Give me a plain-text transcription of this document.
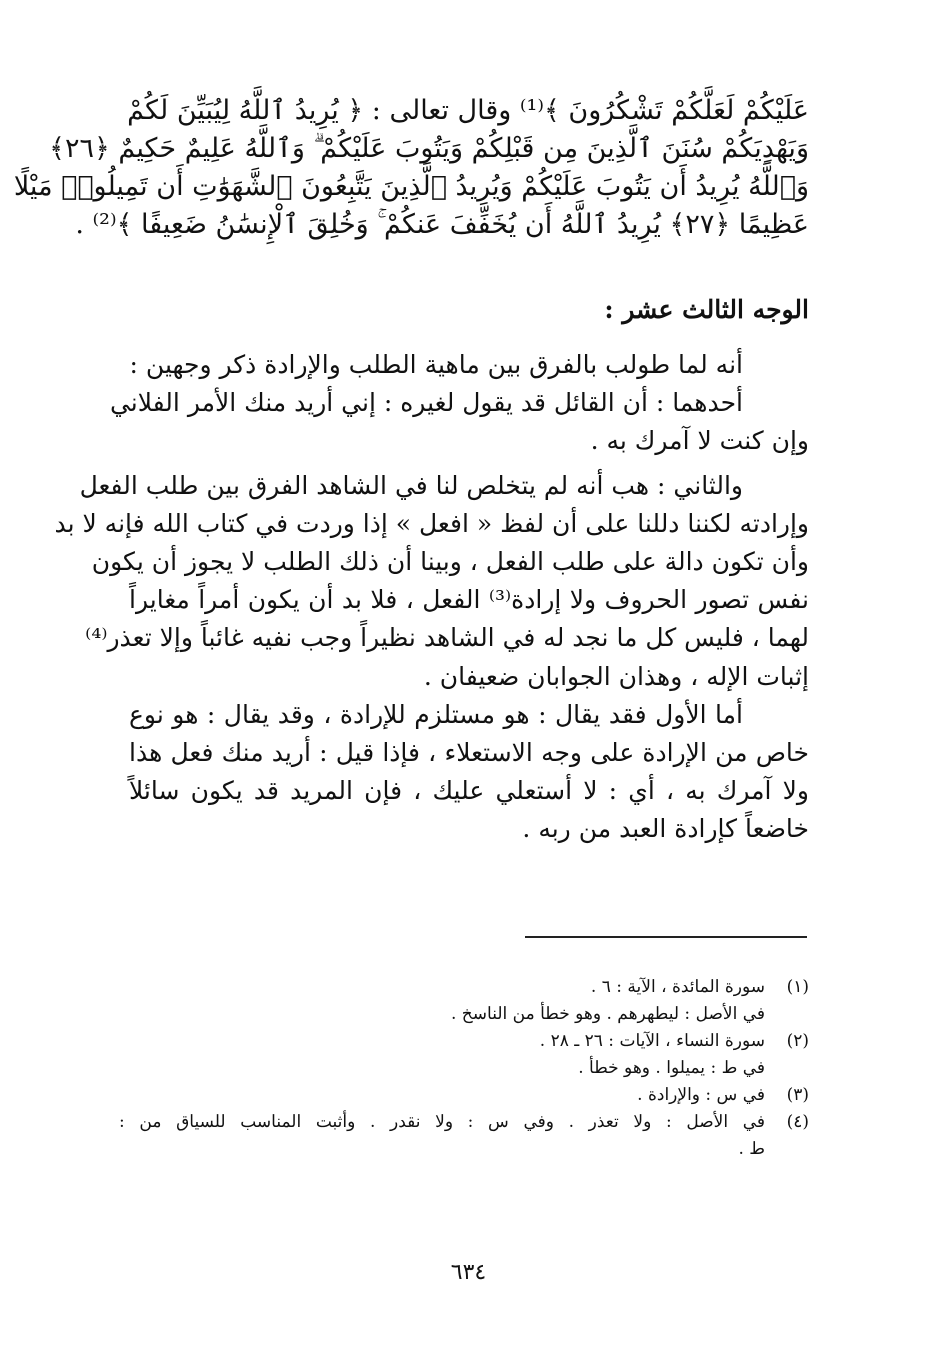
عَلَيْكُمْ لَعَلَّكُمْ تَشْكُرُونَ ﴾⁽¹⁾ وقال تعالى : ﴿ يُرِيدُ ٱللَّهُ لِيُبَيِّنَ لَكُمْ
وَيَهْدِيَكُمْ سُنَنَ ٱلَّذِينَ مِن قَبْلِكُمْ وَيَتُوبَ عَلَيْكُمْ ۗ وَٱللَّهُ عَلِيمٌ حَكِيمٌ ﴿٢٦﴾
وَٱللَّهُ يُرِيدُ أَن يَتُوبَ عَلَيْكُمْ وَيُرِيدُ ٱلَّذِينَ يَتَّبِعُونَ ٱلشَّهَوَٰتِ أَن تَمِيلُوا۟ مَيْلًا
عَظِيمًا ﴿٢٧﴾ يُرِيدُ ٱللَّهُ أَن يُخَفِّفَ عَنكُمْ ۚ وَخُلِقَ ٱلْإِنسَٰنُ ضَعِيفًا ﴾⁽²⁾ .
الوجه الثالث عشر :
أنه لما طولب بالفرق بين ماهية الطلب والإرادة ذكر وجهين :
أحدهما : أن القائل قد يقول لغيره : إني أريد منك الأمر الفلاني
وإن كنت لا آمرك به .
والثاني : هب أنه لم يتخلص لنا في الشاهد الفرق بين طلب الفعل
وإرادته لكننا دللنا على أن لفظ « افعل » إذا وردت في كتاب الله فإنه لا بد
وأن تكون دالة على طلب الفعل ، وبينا أن ذلك الطلب لا يجوز أن يكون
نفس تصور الحروف ولا إرادة⁽³⁾ الفعل ، فلا بد أن يكون أمراً مغايراً
لهما ، فليس كل ما نجد له في الشاهد نظيراً وجب نفيه غائباً وإلا تعذر⁽⁴⁾
إثبات الإله ، وهذان الجوابان ضعيفان .
أما الأول فقد يقال : هو مستلزم للإرادة ، وقد يقال : هو نوع
خاص من الإرادة على وجه الاستعلاء ، فإذا قيل : أريد منك فعل هذا
ولا آمرك به ، أي : لا أستعلي عليك ، فإن المريد قد يكون سائلاً
خاضعاً كإرادة العبد من ربه .
(١)
سورة المائدة ، الآية : ٦ .
في الأصل : ليطهرهم . وهو خطأ من الناسخ .
(٢)
سورة النساء ، الآيات : ٢٦ ـ ٢٨ .
في ط : يميلوا . وهو خطأ .
(٣)
في س : والإرادة .
(٤)
في الأصل : ولا تعذر . وفي س : ولا نقدر . وأثبت المناسب للسياق من :
ط .
٦٣٤
